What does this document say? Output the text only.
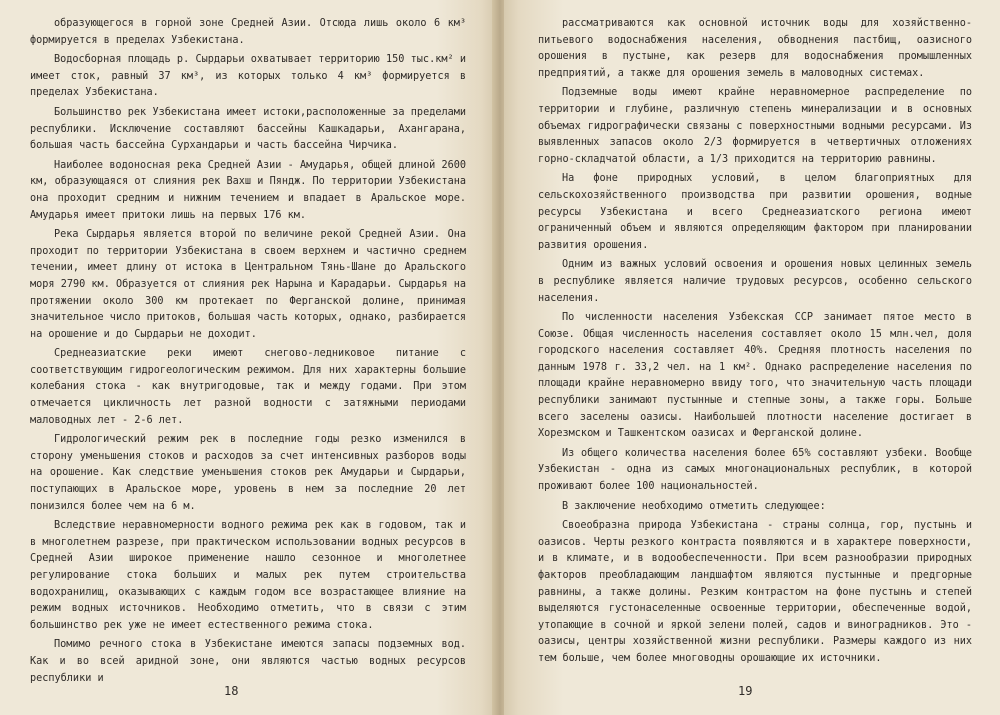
образующегося в горной зоне Средней Азии. Отсюда лишь около 6 км³ формируется в пределах Узбекистана.

Водосборная площадь р. Сырдарьи охватывает территорию 150 тыс.км² и имеет сток, равный 37 км³, из которых только 4 км³ формируется в пределах Узбекистана.

Большинство рек Узбекистана имеет истоки,расположенные за пределами республики. Исключение составляют бассейны Кашкадарьи, Ахангарана, большая часть бассейна Сурхандарьи и часть бассейна Чирчика.

Наиболее водоносная река Средней Азии - Амударья, общей длиной 2600 км, образующаяся от слияния рек Вахш и Пяндж. По территории Узбекистана она проходит средним и нижним течением и впадает в Аральское море. Амударья имеет притоки лишь на первых 176 км.

Река Сырдарья является второй по величине рекой Средней Азии. Она проходит по территории Узбекистана в своем верхнем и частично среднем течении, имеет длину от истока в Центральном Тянь-Шане до Аральского моря 2790 км. Образуется от слияния рек Нарына и Карадарьи. Сырдарья на протяжении около 300 км протекает по Ферганской долине, принимая значительное число притоков, большая часть которых, однако, разбирается на орошение и до Сырдарьи не доходит.

Среднеазиатские реки имеют снегово-ледниковое питание с соответствующим гидрогеологическим режимом. Для них характерны большие колебания стока - как внутригодовые, так и между годами. При этом отмечается цикличность лет разной водности с затяжными периодами маловодных лет - 2-6 лет.

Гидрологический режим рек в последние годы резко изменился в сторону уменьшения стоков и расходов за счет интенсивных разборов воды на орошение. Как следствие уменьшения стоков рек Амударьи и Сырдарьи, поступающих в Аральское море, уровень в нем за последние 20 лет понизился более чем на 6 м.

Вследствие неравномерности водного режима рек как в годовом, так и в многолетнем разрезе, при практическом использовании водных ресурсов в Средней Азии широкое применение нашло сезонное и многолетнее регулирование стока больших и малых рек путем строительства водохранилищ, оказывающих с каждым годом все возрастающее влияние на режим водных источников. Необходимо отметить, что в связи с этим большинство рек уже не имеет естественного режима стока.

Помимо речного стока в Узбекистане имеются запасы подземных вод. Как и во всей аридной зоне, они являются частью водных ресурсов республики и

18

рассматриваются как основной источник воды для хозяйственно-питьевого водоснабжения населения, обводнения пастбищ, оазисного орошения в пустыне, как резерв для водоснабжения промышленных предприятий, а также для орошения земель в маловодных системах.

Подземные воды имеют крайне неравномерное распределение по территории и глубине, различную степень минерализации и в основных объемах гидрографически связаны с поверхностными водными ресурсами. Из выявленных запасов около 2/3 формируется в четвертичных отложениях горно-складчатой области, а 1/3 приходится на территорию равнины.

На фоне природных условий, в целом благоприятных для сельскохозяйственного производства при развитии орошения, водные ресурсы Узбекистана и всего Среднеазиатского региона имеют ограниченный объем и являются определяющим фактором при планировании развития орошения.

Одним из важных условий освоения и орошения новых целинных земель в республике является наличие трудовых ресурсов, особенно сельского населения.

По численности населения Узбекская ССР занимает пятое место в Союзе. Общая численность населения составляет около 15 млн.чел, доля городского населения составляет 40%. Средняя плотность населения по данным 1978 г. 33,2 чел. на 1 км². Однако распределение населения по площади крайне неравномерно ввиду того, что значительную часть площади республики занимают пустынные и степные зоны, а также горы. Больше всего заселены оазисы. Наибольшей плотности население достигает в Хорезмском и Ташкентском оазисах и Ферганской долине.

Из общего количества населения более 65% составляют узбеки. Вообще Узбекистан - одна из самых многонациональных республик, в которой проживают более 100 национальностей.

В заключение необходимо отметить следующее:

Своеобразна природа Узбекистана - страны солнца, гор, пустынь и оазисов. Черты резкого контраста появляются и в характере поверхности, и в климате, и в водообеспеченности. При всем разнообразии природных факторов преобладающим ландшафтом являются пустынные и предгорные равнины, а также долины. Резким контрастом на фоне пустынь и степей выделяются густонаселенные освоенные территории, обеспеченные водой, утопающие в сочной и яркой зелени полей, садов и виноградников. Это - оазисы, центры хозяйственной жизни республики. Размеры каждого из них тем больше, чем более многоводны орошающие их источники.

19
